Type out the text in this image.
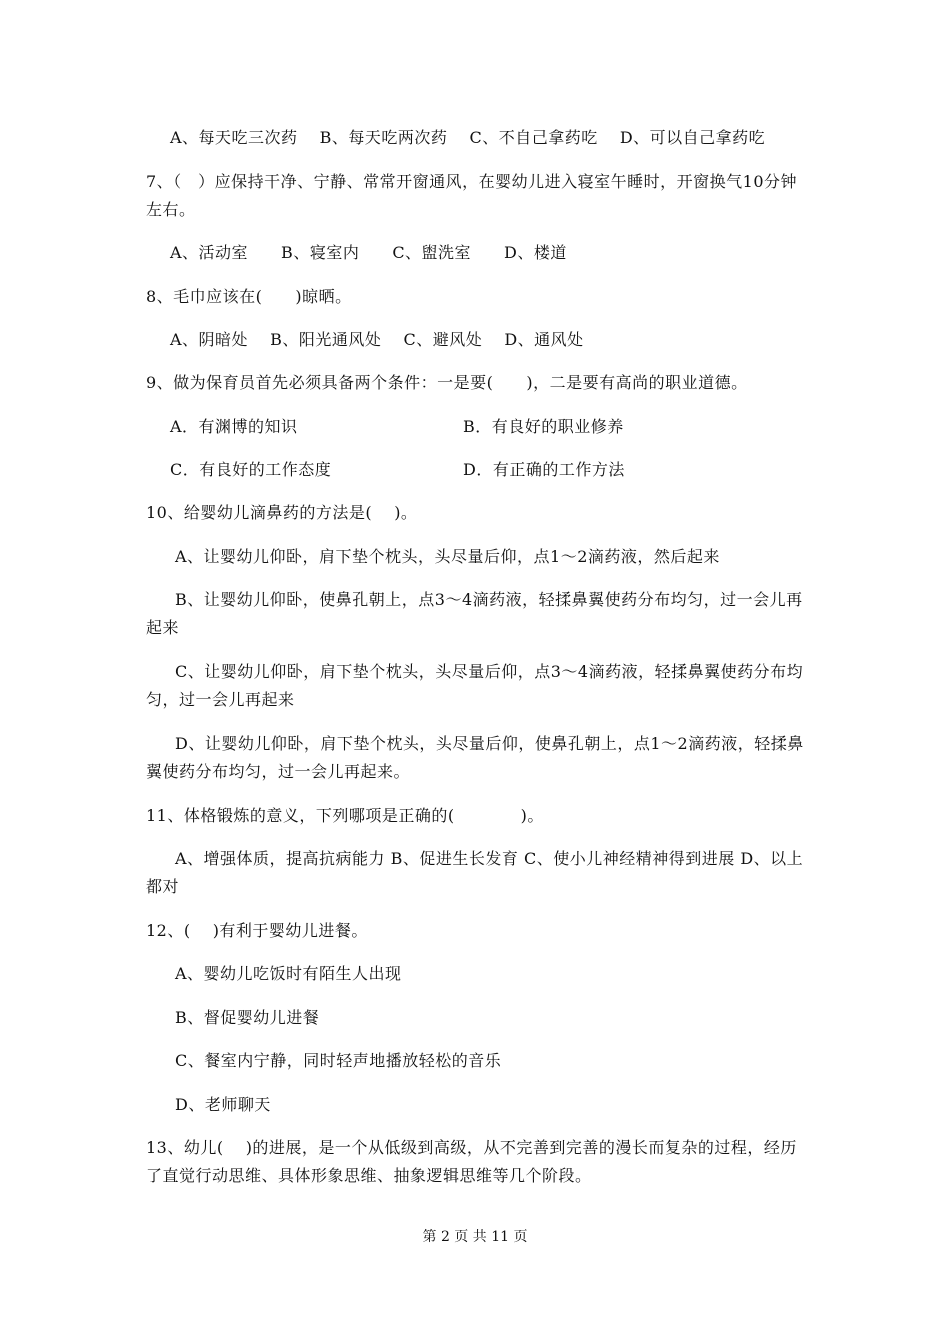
A、每天吃三次药　 B、每天吃两次药　 C、不自己拿药吃　 D、可以自己拿药吃
7、（　）应保持干净、宁静、常常开窗通风，在婴幼儿进入寝室午睡时，开窗换气10分钟
左右。
A、活动室　　B、寝室内　　C、盥洗室　　D、楼道
8、毛巾应该在(　　)晾晒。
A、阴暗处　 B、阳光通风处　 C、避风处　 D、通风处
9、做为保育员首先必须具备两个条件：一是要(　　)，二是要有高尚的职业道德。
A．有渊博的知识	B．有良好的职业修养
C．有良好的工作态度	D．有正确的工作方法
10、给婴幼儿滴鼻药的方法是(　 )。
A、让婴幼儿仰卧，肩下垫个枕头，头尽量后仰，点1～2滴药液，然后起来
B、让婴幼儿仰卧，使鼻孔朝上，点3～4滴药液，轻揉鼻翼使药分布均匀，过一会儿再
起来
C、让婴幼儿仰卧，肩下垫个枕头，头尽量后仰，点3～4滴药液，轻揉鼻翼使药分布均
匀，过一会儿再起来
D、让婴幼儿仰卧，肩下垫个枕头，头尽量后仰，使鼻孔朝上，点1～2滴药液，轻揉鼻
翼使药分布均匀，过一会儿再起来。
11、体格锻炼的意义，下列哪项是正确的(　　　　)。
A、增强体质，提高抗病能力 B、促进生长发育 C、使小儿神经精神得到进展 D、以上
都对
12、(　 )有利于婴幼儿进餐。
A、婴幼儿吃饭时有陌生人出现
B、督促婴幼儿进餐
C、餐室内宁静，同时轻声地播放轻松的音乐
D、老师聊天
13、幼儿(　 )的进展，是一个从低级到高级，从不完善到完善的漫长而复杂的过程，经历
了直觉行动思维、具体形象思维、抽象逻辑思维等几个阶段。
第 2 页 共 11 页
